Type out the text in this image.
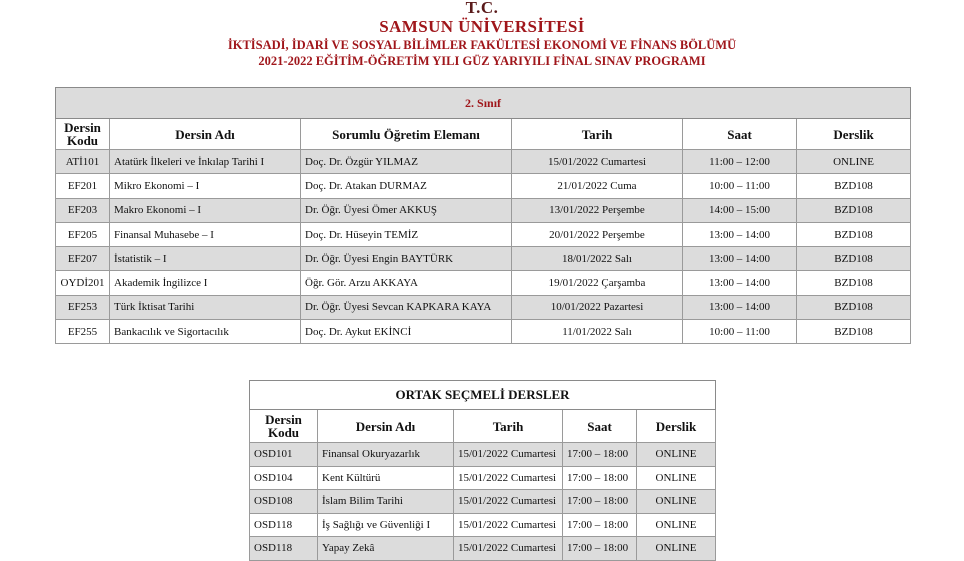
T.C.
SAMSUN ÜNİVERSİTESİ
İKTİSADİ, İDARİ VE SOSYAL BİLİMLER FAKÜLTESİ EKONOMİ VE FİNANS BÖLÜMÜ
2021-2022 EĞİTİM-ÖĞRETİM YILI GÜZ YARIYILI FİNAL SINAV PROGRAMI
2. Sınıf					
Dersin Kodu	Dersin Adı	Sorumlu Öğretim Elemanı	Tarih	Saat	Derslik
ATİ101	Atatürk İlkeleri ve İnkılap Tarihi I	Doç. Dr. Özgür YILMAZ	15/01/2022 Cumartesi	11:00 – 12:00	ONLINE
EF201	Mikro Ekonomi – I	Doç. Dr. Atakan DURMAZ	21/01/2022 Cuma	10:00 – 11:00	BZD108
EF203	Makro Ekonomi – I	Dr. Öğr. Üyesi Ömer AKKUŞ	13/01/2022 Perşembe	14:00 – 15:00	BZD108
EF205	Finansal Muhasebe – I	Doç. Dr. Hüseyin TEMİZ	20/01/2022 Perşembe	13:00 – 14:00	BZD108
EF207	İstatistik – I	Dr. Öğr. Üyesi Engin BAYTÜRK	18/01/2022 Salı	13:00 – 14:00	BZD108
OYDİ201	Akademik İngilizce I	Öğr. Gör. Arzu AKKAYA	19/01/2022 Çarşamba	13:00 – 14:00	BZD108
EF253	Türk İktisat Tarihi	Dr. Öğr. Üyesi Sevcan KAPKARA KAYA	10/01/2022 Pazartesi	13:00 – 14:00	BZD108
EF255	Bankacılık ve Sigortacılık	Doç. Dr. Aykut EKİNCİ	11/01/2022 Salı	10:00 – 11:00	BZD108
ORTAK SEÇMELİ DERSLER				
Dersin Kodu	Dersin Adı	Tarih	Saat	Derslik
OSD101	Finansal Okuryazarlık	15/01/2022 Cumartesi	17:00 – 18:00	ONLINE
OSD104	Kent Kültürü	15/01/2022 Cumartesi	17:00 – 18:00	ONLINE
OSD108	İslam Bilim Tarihi	15/01/2022 Cumartesi	17:00 – 18:00	ONLINE
OSD118	İş Sağlığı ve Güvenliği I	15/01/2022 Cumartesi	17:00 – 18:00	ONLINE
OSD118	Yapay Zekâ	15/01/2022 Cumartesi	17:00 – 18:00	ONLINE
